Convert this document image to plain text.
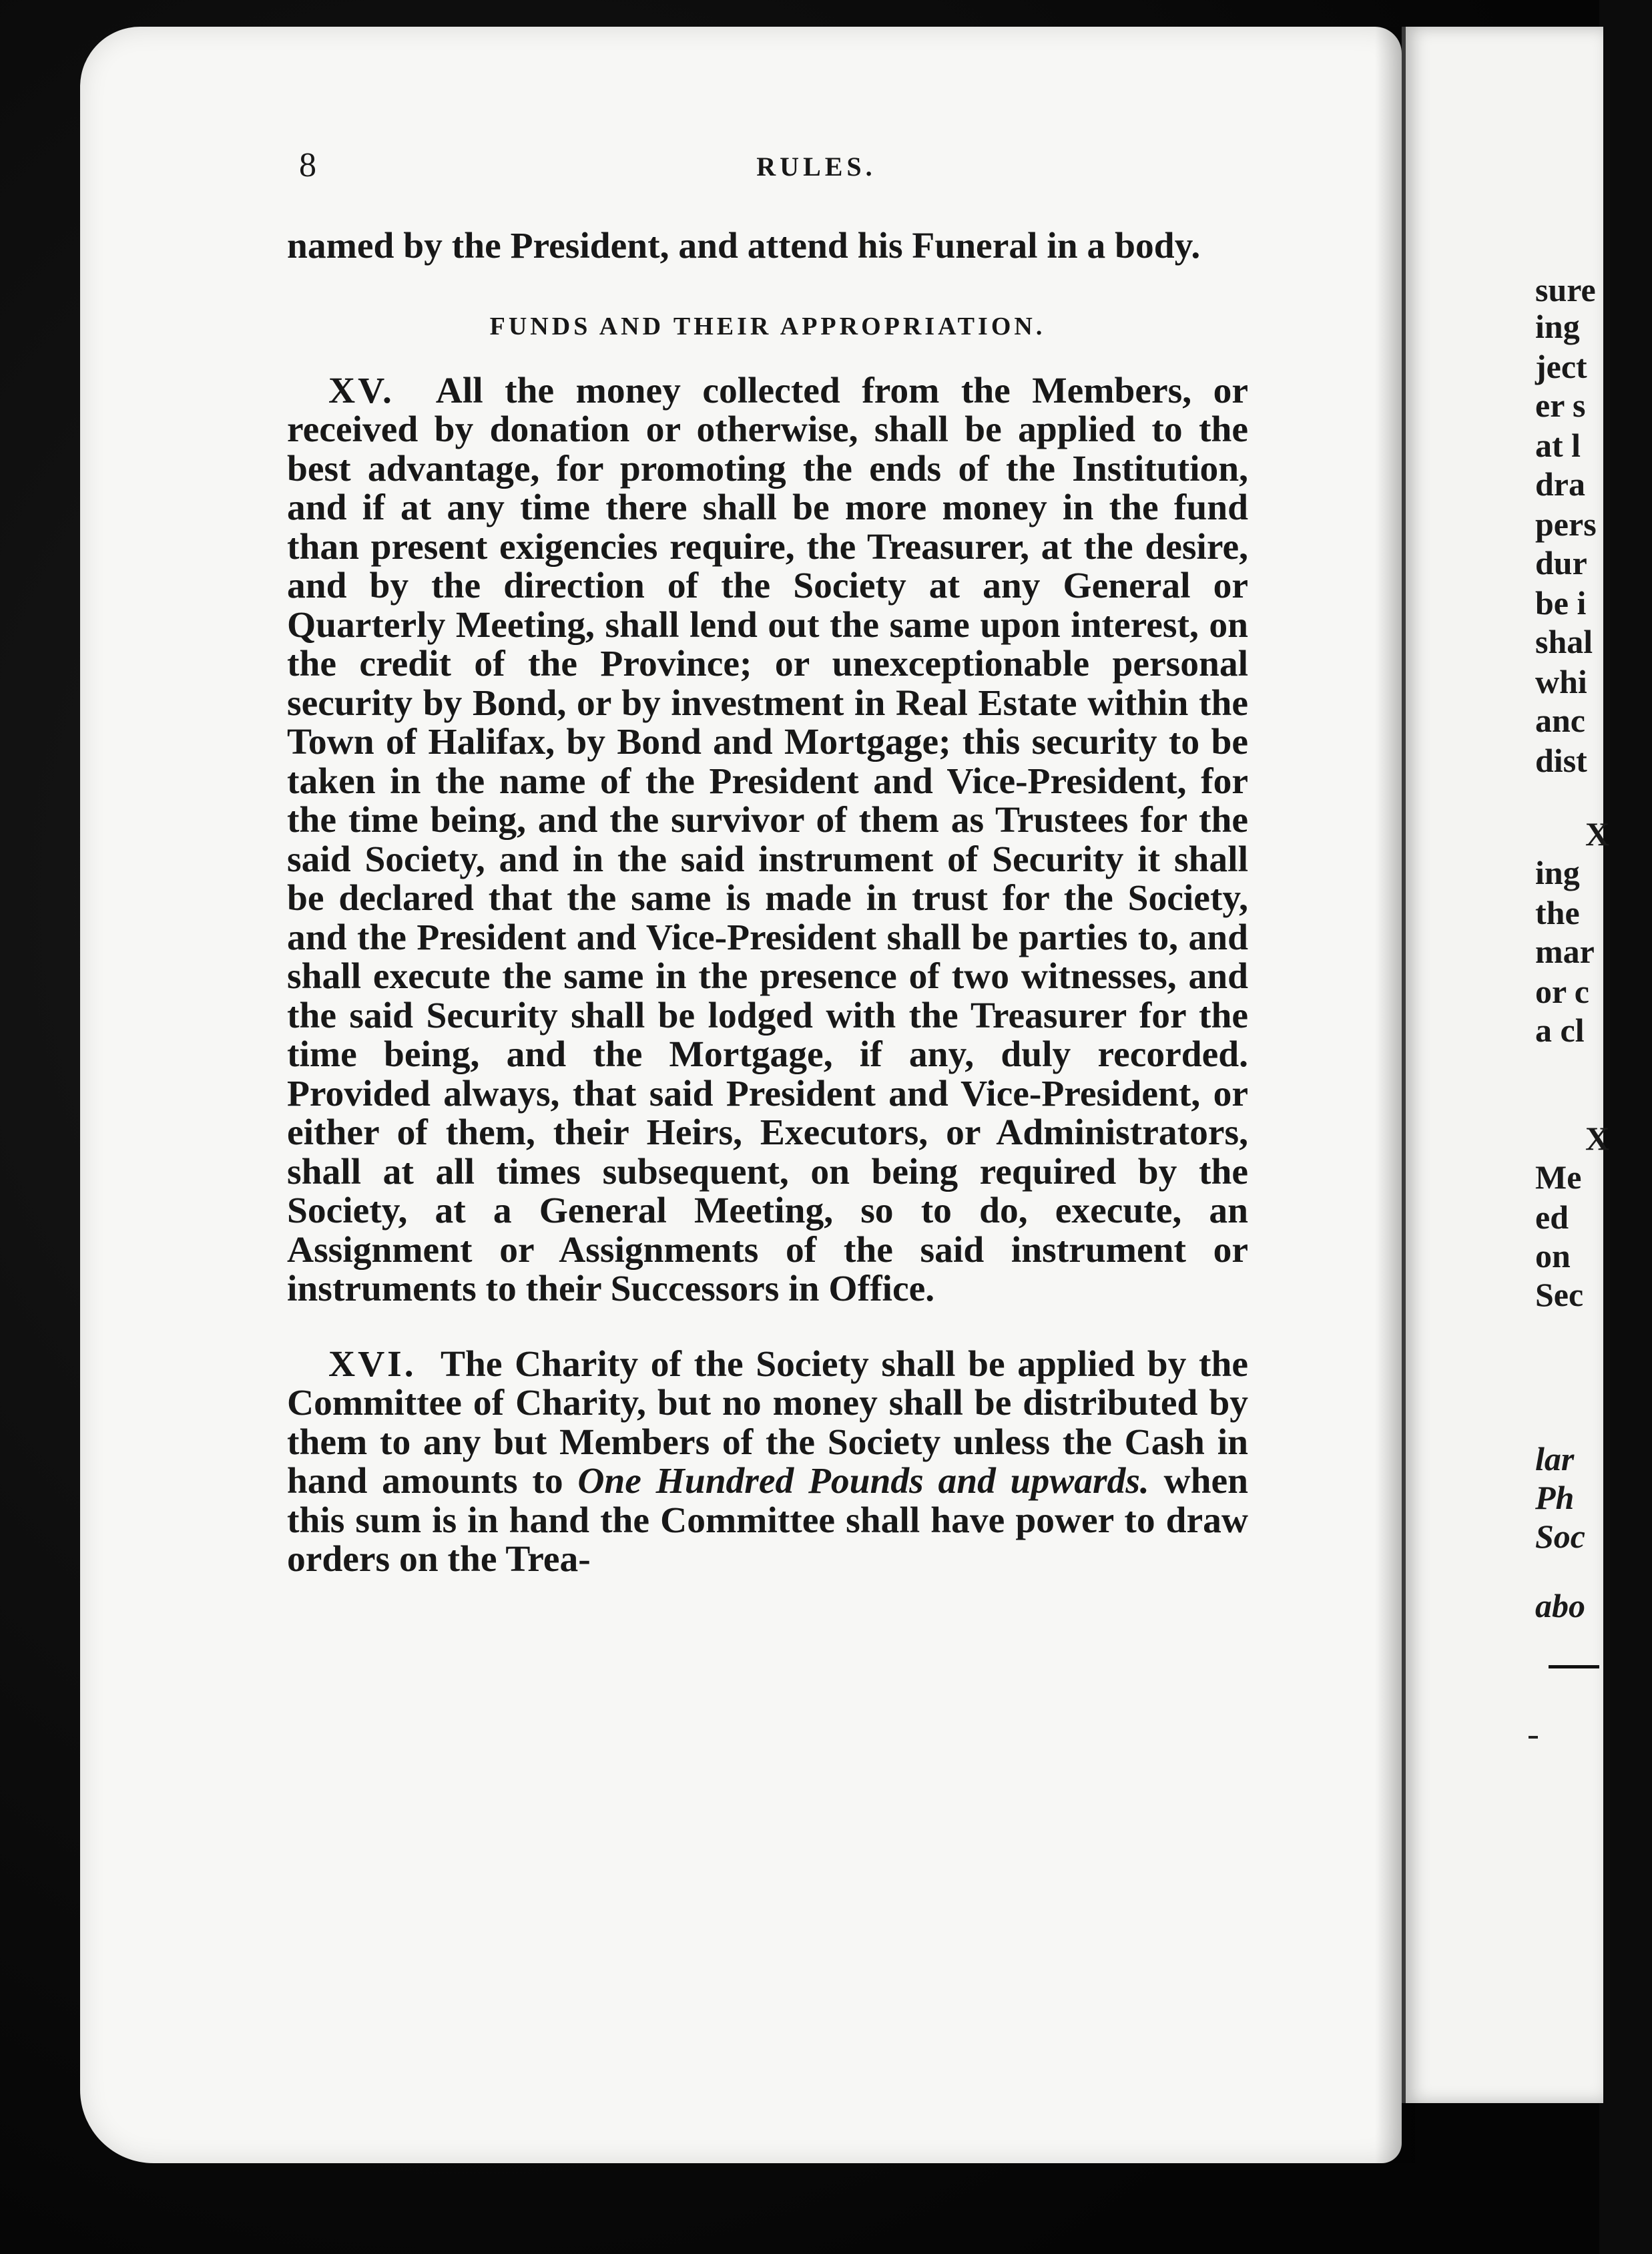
8	RULES.

named by the President, and attend his Funeral in a body.

FUNDS AND THEIR APPROPRIATION.

XV. All the money collected from the Members, or received by donation or otherwise, shall be applied to the best advantage, for promoting the ends of the Institution, and if at any time there shall be more money in the fund than present exigencies require, the Treasurer, at the desire, and by the direction of the Society at any General or Quarterly Meeting, shall lend out the same upon interest, on the credit of the Province; or unexceptionable personal security by Bond, or by investment in Real Estate within the Town of Halifax, by Bond and Mortgage; this security to be taken in the name of the President and Vice-President, for the time being, and the survivor of them as Trustees for the said Society, and in the said instrument of Security it shall be declared that the same is made in trust for the Society, and the President and Vice-President shall be parties to, and shall execute the same in the presence of two witnesses, and the said Security shall be lodged with the Treasurer for the time being, and the Mortgage, if any, duly recorded. Provided always, that said President and Vice-President, or either of them, their Heirs, Executors, or Administrators, shall at all times subsequent, on being required by the Society, at a General Meeting, so to do, execute, an Assignment or Assignments of the said instrument or instruments to their Successors in Office.

XVI. The Charity of the Society shall be applied by the Committee of Charity, but no money shall be distributed by them to any but Members of the Society unless the Cash in hand amounts to One Hundred Pounds and upwards. when this sum is in hand the Committee shall have power to draw orders on the Trea-

sure
ing
ject
er s
at l
dra
pers
dur
be i
shal
whi
anc
dist
X
ing
the
mar
or c
a cl
X
Me
ed
on
Sec
lar
Ph
Soc
abo
